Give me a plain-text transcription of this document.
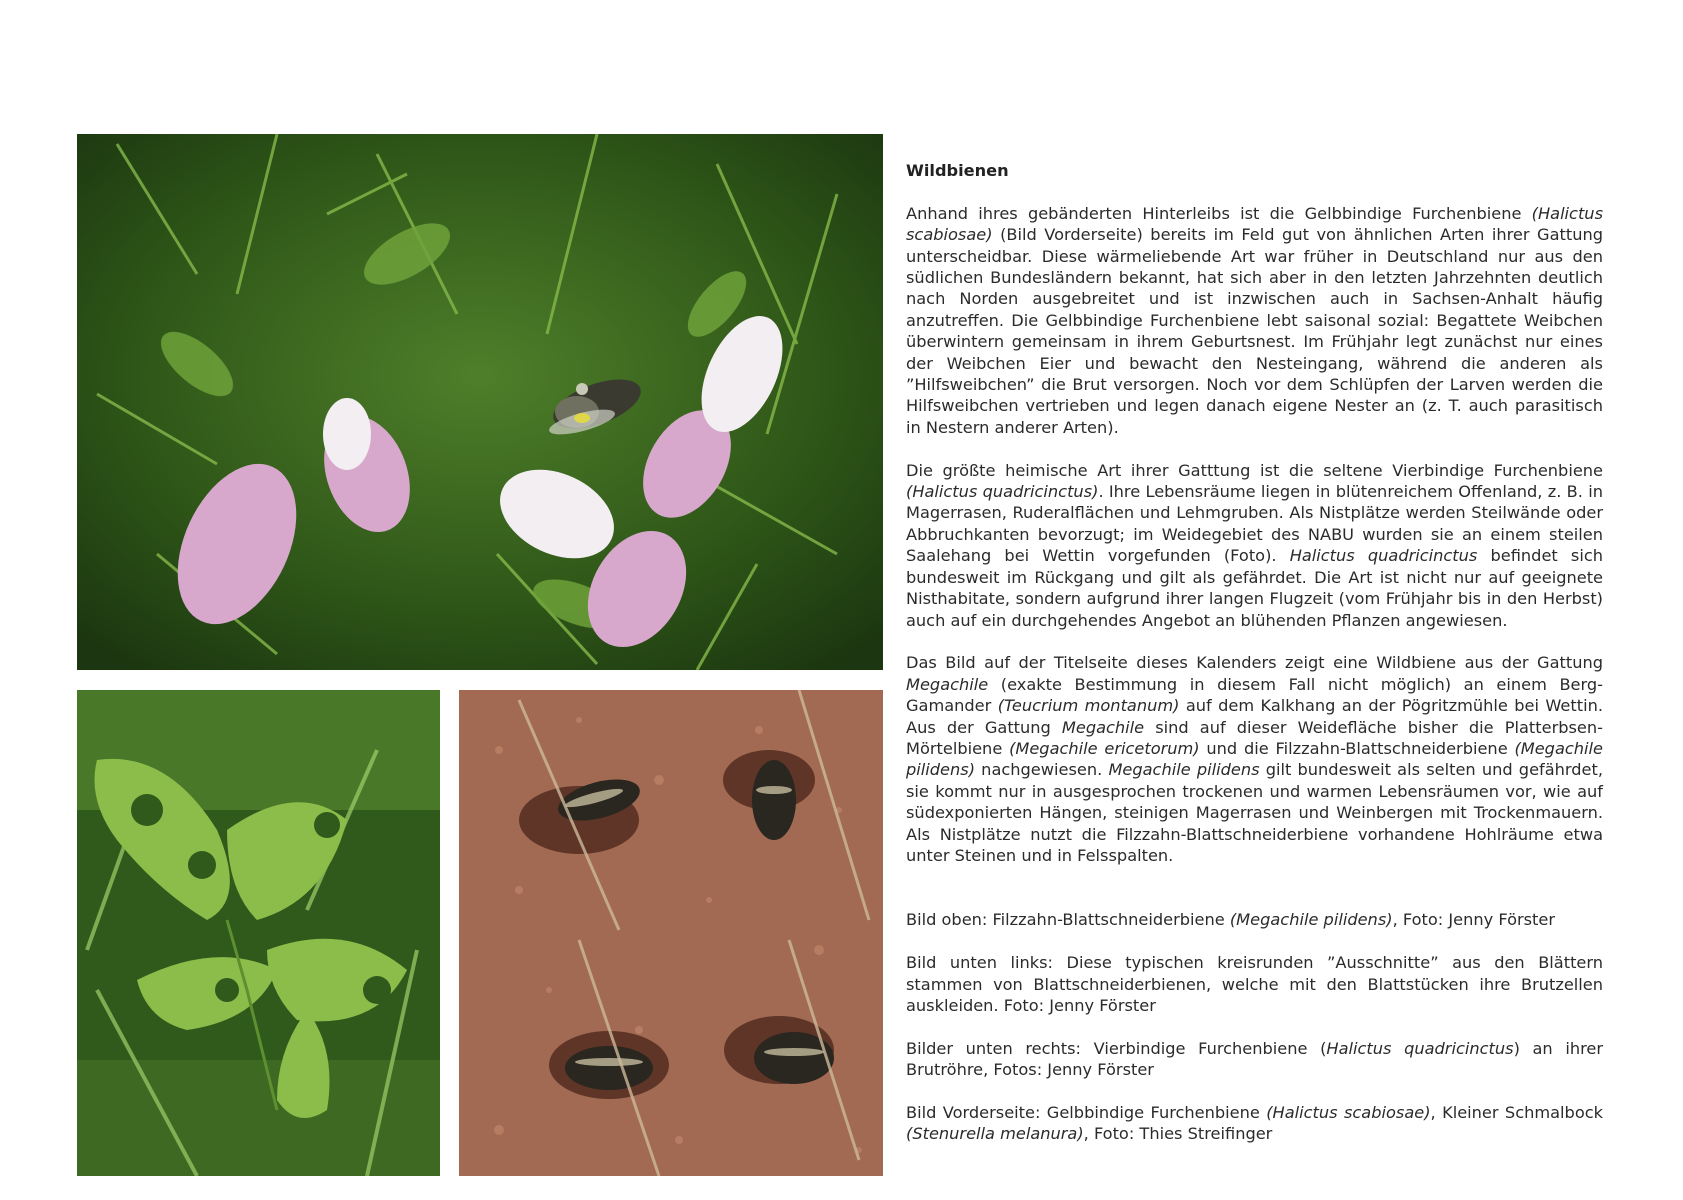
Wildbienen

Anhand ihres gebänderten Hinterleibs ist die Gelbbindige Furchenbiene (Halictus scabiosae) (Bild Vorderseite) bereits im Feld gut von ähnlichen Arten ihrer Gattung unterscheidbar. Diese wärmeliebende Art war früher in Deutschland nur aus den südlichen Bundesländern bekannt, hat sich aber in den letzten Jahrzehnten deutlich nach Norden ausgebreitet und ist inzwischen auch in Sachsen-Anhalt häufig anzutreffen. Die Gelbbindige Furchenbiene lebt saisonal sozial: Begattete Weibchen überwintern gemeinsam in ihrem Geburtsnest. Im Frühjahr legt zunächst nur eines der Weibchen Eier und bewacht den Nesteingang, während die anderen als ”Hilfsweibchen” die Brut versorgen. Noch vor dem Schlüpfen der Larven werden die Hilfsweibchen vertrieben und legen danach eigene Nester an (z. T. auch parasitisch in Nestern anderer Arten).

Die größte heimische Art ihrer Gatttung ist die seltene Vierbindige Furchenbiene (Halictus quadricinctus). Ihre Lebensräume liegen in blütenreichem Offenland, z. B. in Magerrasen, Ruderalflächen und Lehmgruben. Als Nistplätze werden Steilwände oder Abbruchkanten bevorzugt; im Weidegebiet des NABU wurden sie an einem steilen Saalehang bei Wettin vorgefunden (Foto). Halictus quadricinctus befindet sich bundesweit im Rückgang und gilt als gefährdet. Die Art ist nicht nur auf geeignete Nisthabitate, sondern aufgrund ihrer langen Flugzeit (vom Frühjahr bis in den Herbst) auch auf ein durchgehendes Angebot an blühenden Pflanzen angewiesen.

Das Bild auf der Titelseite dieses Kalenders zeigt eine Wildbiene aus der Gattung Megachile (exakte Bestimmung in diesem Fall nicht möglich) an einem Berg-Gamander (Teucrium montanum) auf dem Kalkhang an der Pögritzmühle bei Wettin. Aus der Gattung Megachile sind auf dieser Weidefläche bisher die Platterbsen-Mörtelbiene (Megachile ericetorum) und die Filzzahn-Blattschneiderbiene (Megachile pilidens) nachgewiesen. Megachile pilidens gilt bundesweit als selten und gefährdet, sie kommt nur in ausgesprochen trockenen und warmen Lebensräumen vor, wie auf südexponierten Hängen, steinigen Magerrasen und Weinbergen mit Trockenmauern. Als Nistplätze nutzt die Filzzahn-Blattschneiderbiene vorhandene Hohlräume etwa unter Steinen und in Felsspalten.

Bild oben: Filzzahn-Blattschneiderbiene (Megachile pilidens), Foto: Jenny Förster

Bild unten links: Diese typischen kreisrunden ”Ausschnitte” aus den Blättern stammen von Blattschneiderbienen, welche mit den Blattstücken ihre Brutzellen auskleiden. Foto: Jenny Förster

Bilder unten rechts: Vierbindige Furchenbiene (Halictus quadricinctus) an ihrer Brutröhre, Fotos: Jenny Förster

Bild Vorderseite: Gelbbindige Furchenbiene (Halictus scabiosae), Kleiner Schmalbock (Stenurella melanura), Foto: Thies Streifinger
